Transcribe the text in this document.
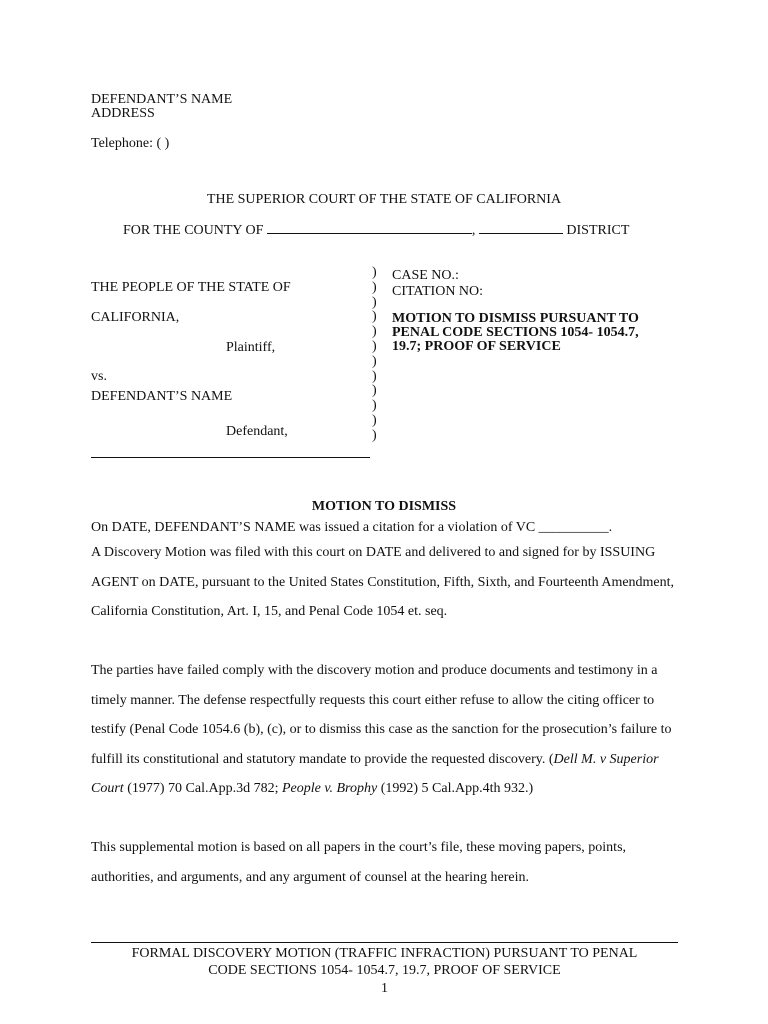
DEFENDANT’S NAME
ADDRESS
Telephone: ( )
THE SUPERIOR COURT OF THE STATE OF CALIFORNIA
FOR THE COUNTY OF	,	DISTRICT
THE PEOPLE OF THE STATE OF
CALIFORNIA,
Plaintiff,
vs.
DEFENDANT’S NAME
Defendant,
)
)
)
)
)
)
)
)
)
)
)
)
CASE NO.:
CITATION NO:
MOTION TO DISMISS PURSUANT TO
PENAL CODE SECTIONS 1054- 1054.7,
19.7; PROOF OF SERVICE
MOTION TO DISMISS
On DATE, DEFENDANT’S NAME was issued a citation for a violation of VC __________.
A Discovery Motion was filed with this court on DATE and delivered to and signed for by ISSUING AGENT on DATE, pursuant to the United States Constitution, Fifth, Sixth, and Fourteenth Amendment, California Constitution, Art. I, 15, and Penal Code 1054 et. seq.
The parties have failed comply with the discovery motion and produce documents and testimony in a timely manner. The defense respectfully requests this court either refuse to allow the citing officer to testify (Penal Code 1054.6 (b), (c), or to dismiss this case as the sanction for the prosecution’s failure to fulfill its constitutional and statutory mandate to provide the requested discovery. (Dell M. v Superior Court (1977) 70 Cal.App.3d 782; People v. Brophy (1992) 5 Cal.App.4th 932.)
This supplemental motion is based on all papers in the court’s file, these moving papers, points, authorities, and arguments, and any argument of counsel at the hearing herein.
FORMAL DISCOVERY MOTION (TRAFFIC INFRACTION) PURSUANT TO PENAL
CODE SECTIONS 1054- 1054.7, 19.7, PROOF OF SERVICE
1
